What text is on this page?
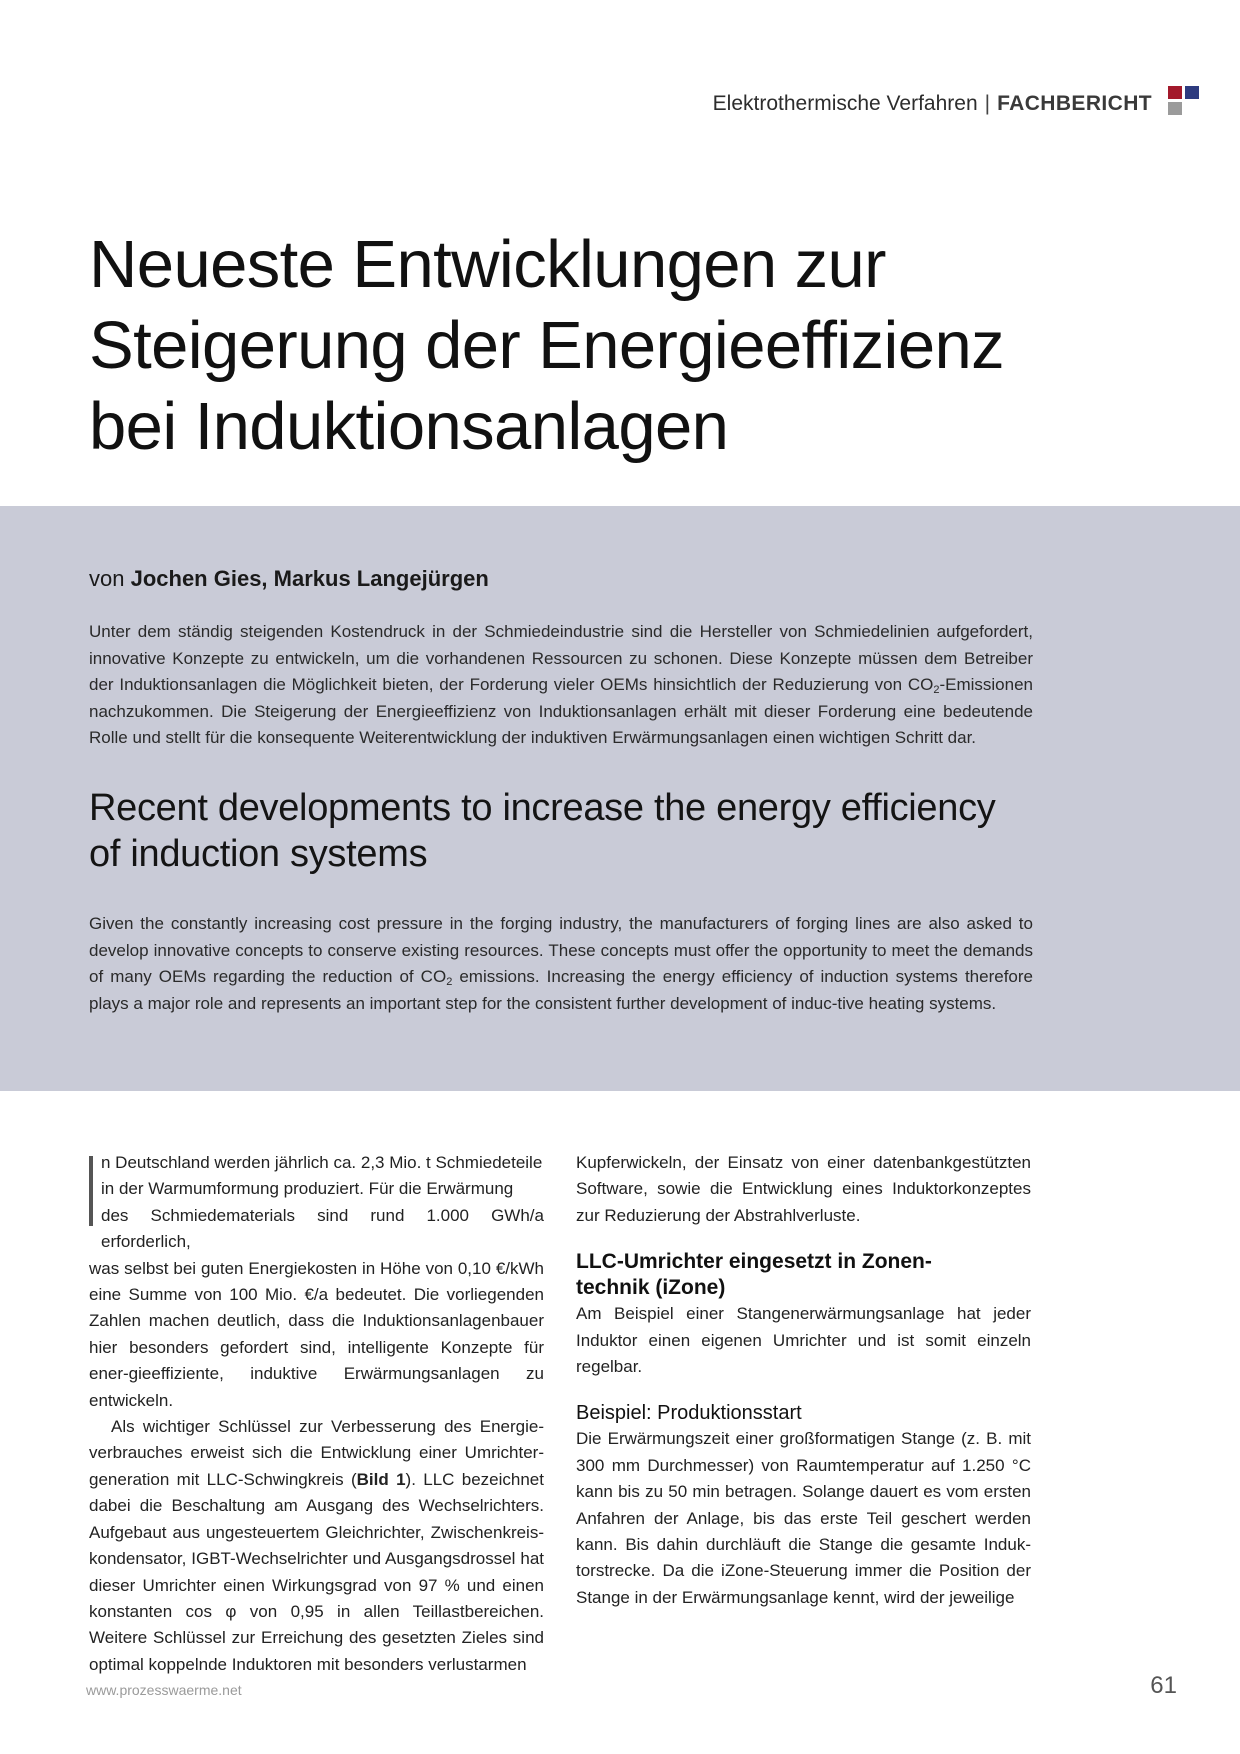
Elektrothermische Verfahren | FACHBERICHT
Neueste Entwicklungen zur
Steigerung der Energieeffizienz
bei Induktionsanlagen
von Jochen Gies, Markus Langejürgen

Unter dem ständig steigenden Kostendruck in der Schmiedeindustrie sind die Hersteller von Schmiedelinien aufgefordert, innovative Konzepte zu entwickeln, um die vorhandenen Ressourcen zu schonen. Diese Konzepte müssen dem Betreiber der Induktionsanlagen die Möglichkeit bieten, der Forderung vieler OEMs hinsichtlich der Reduzierung von $CO_2$-Emissionen nachzukommen. Die Steigerung der Energieeffizienz von Induktionsanlagen erhält mit dieser Forderung eine bedeutende Rolle und stellt für die konsequente Weiterentwicklung der induktiven Erwärmungsanlagen einen wichtigen Schritt dar.

Recent developments to increase the energy efficiency
of induction systems

Given the constantly increasing cost pressure in the forging industry, the manufacturers of forging lines are also asked to develop innovative concepts to conserve existing resources. These concepts must offer the opportunity to meet the demands of many OEMs regarding the reduction of $CO_2$ emissions. Increasing the energy efficiency of induction systems therefore plays a major role and represents an important step for the consistent further development of induc-tive heating systems.

n Deutschland werden jährlich ca. 2,3 Mio. t Schmiedeteile
in der Warmumformung produziert. Für die Erwärmung
des Schmiedematerials sind rund 1.000 GWh/a erforderlich,
was selbst bei guten Energiekosten in Höhe von 0,10 €/kWh eine Summe von 100 Mio. €/a bedeutet. Die vorliegenden Zahlen machen deutlich, dass die Induktionsanlagenbauer hier besonders gefordert sind, intelligente Konzepte für ener-gieeffiziente, induktive Erwärmungsanlagen zu entwickeln.

Als wichtiger Schlüssel zur Verbesserung des Energie-verbrauches erweist sich die Entwicklung einer Umrichter-generation mit LLC-Schwingkreis (Bild 1). LLC bezeichnet dabei die Beschaltung am Ausgang des Wechselrichters. Aufgebaut aus ungesteuertem Gleichrichter, Zwischenkreis-kondensator, IGBT-Wechselrichter und Ausgangsdrossel hat dieser Umrichter einen Wirkungsgrad von 97 % und einen konstanten cos φ von 0,95 in allen Teillastbereichen. Weitere Schlüssel zur Erreichung des gesetzten Zieles sind optimal koppelnde Induktoren mit besonders verlustarmen

Kupferwickeln, der Einsatz von einer datenbankgestützten Software, sowie die Entwicklung eines Induktorkonzeptes zur Reduzierung der Abstrahlverluste.

LLC-Umrichter eingesetzt in Zonen-
technik (iZone)

Am Beispiel einer Stangenerwärmungsanlage hat jeder Induktor einen eigenen Umrichter und ist somit einzeln regelbar.

Beispiel: Produktionsstart

Die Erwärmungszeit einer großformatigen Stange (z. B. mit 300 mm Durchmesser) von Raumtemperatur auf 1.250 °C kann bis zu 50 min betragen. Solange dauert es vom ersten Anfahren der Anlage, bis das erste Teil geschert werden kann. Bis dahin durchläuft die Stange die gesamte Induk-torstrecke. Da die iZone-Steuerung immer die Position der Stange in der Erwärmungsanlage kennt, wird der jeweilige

www.prozesswaerme.net	61
